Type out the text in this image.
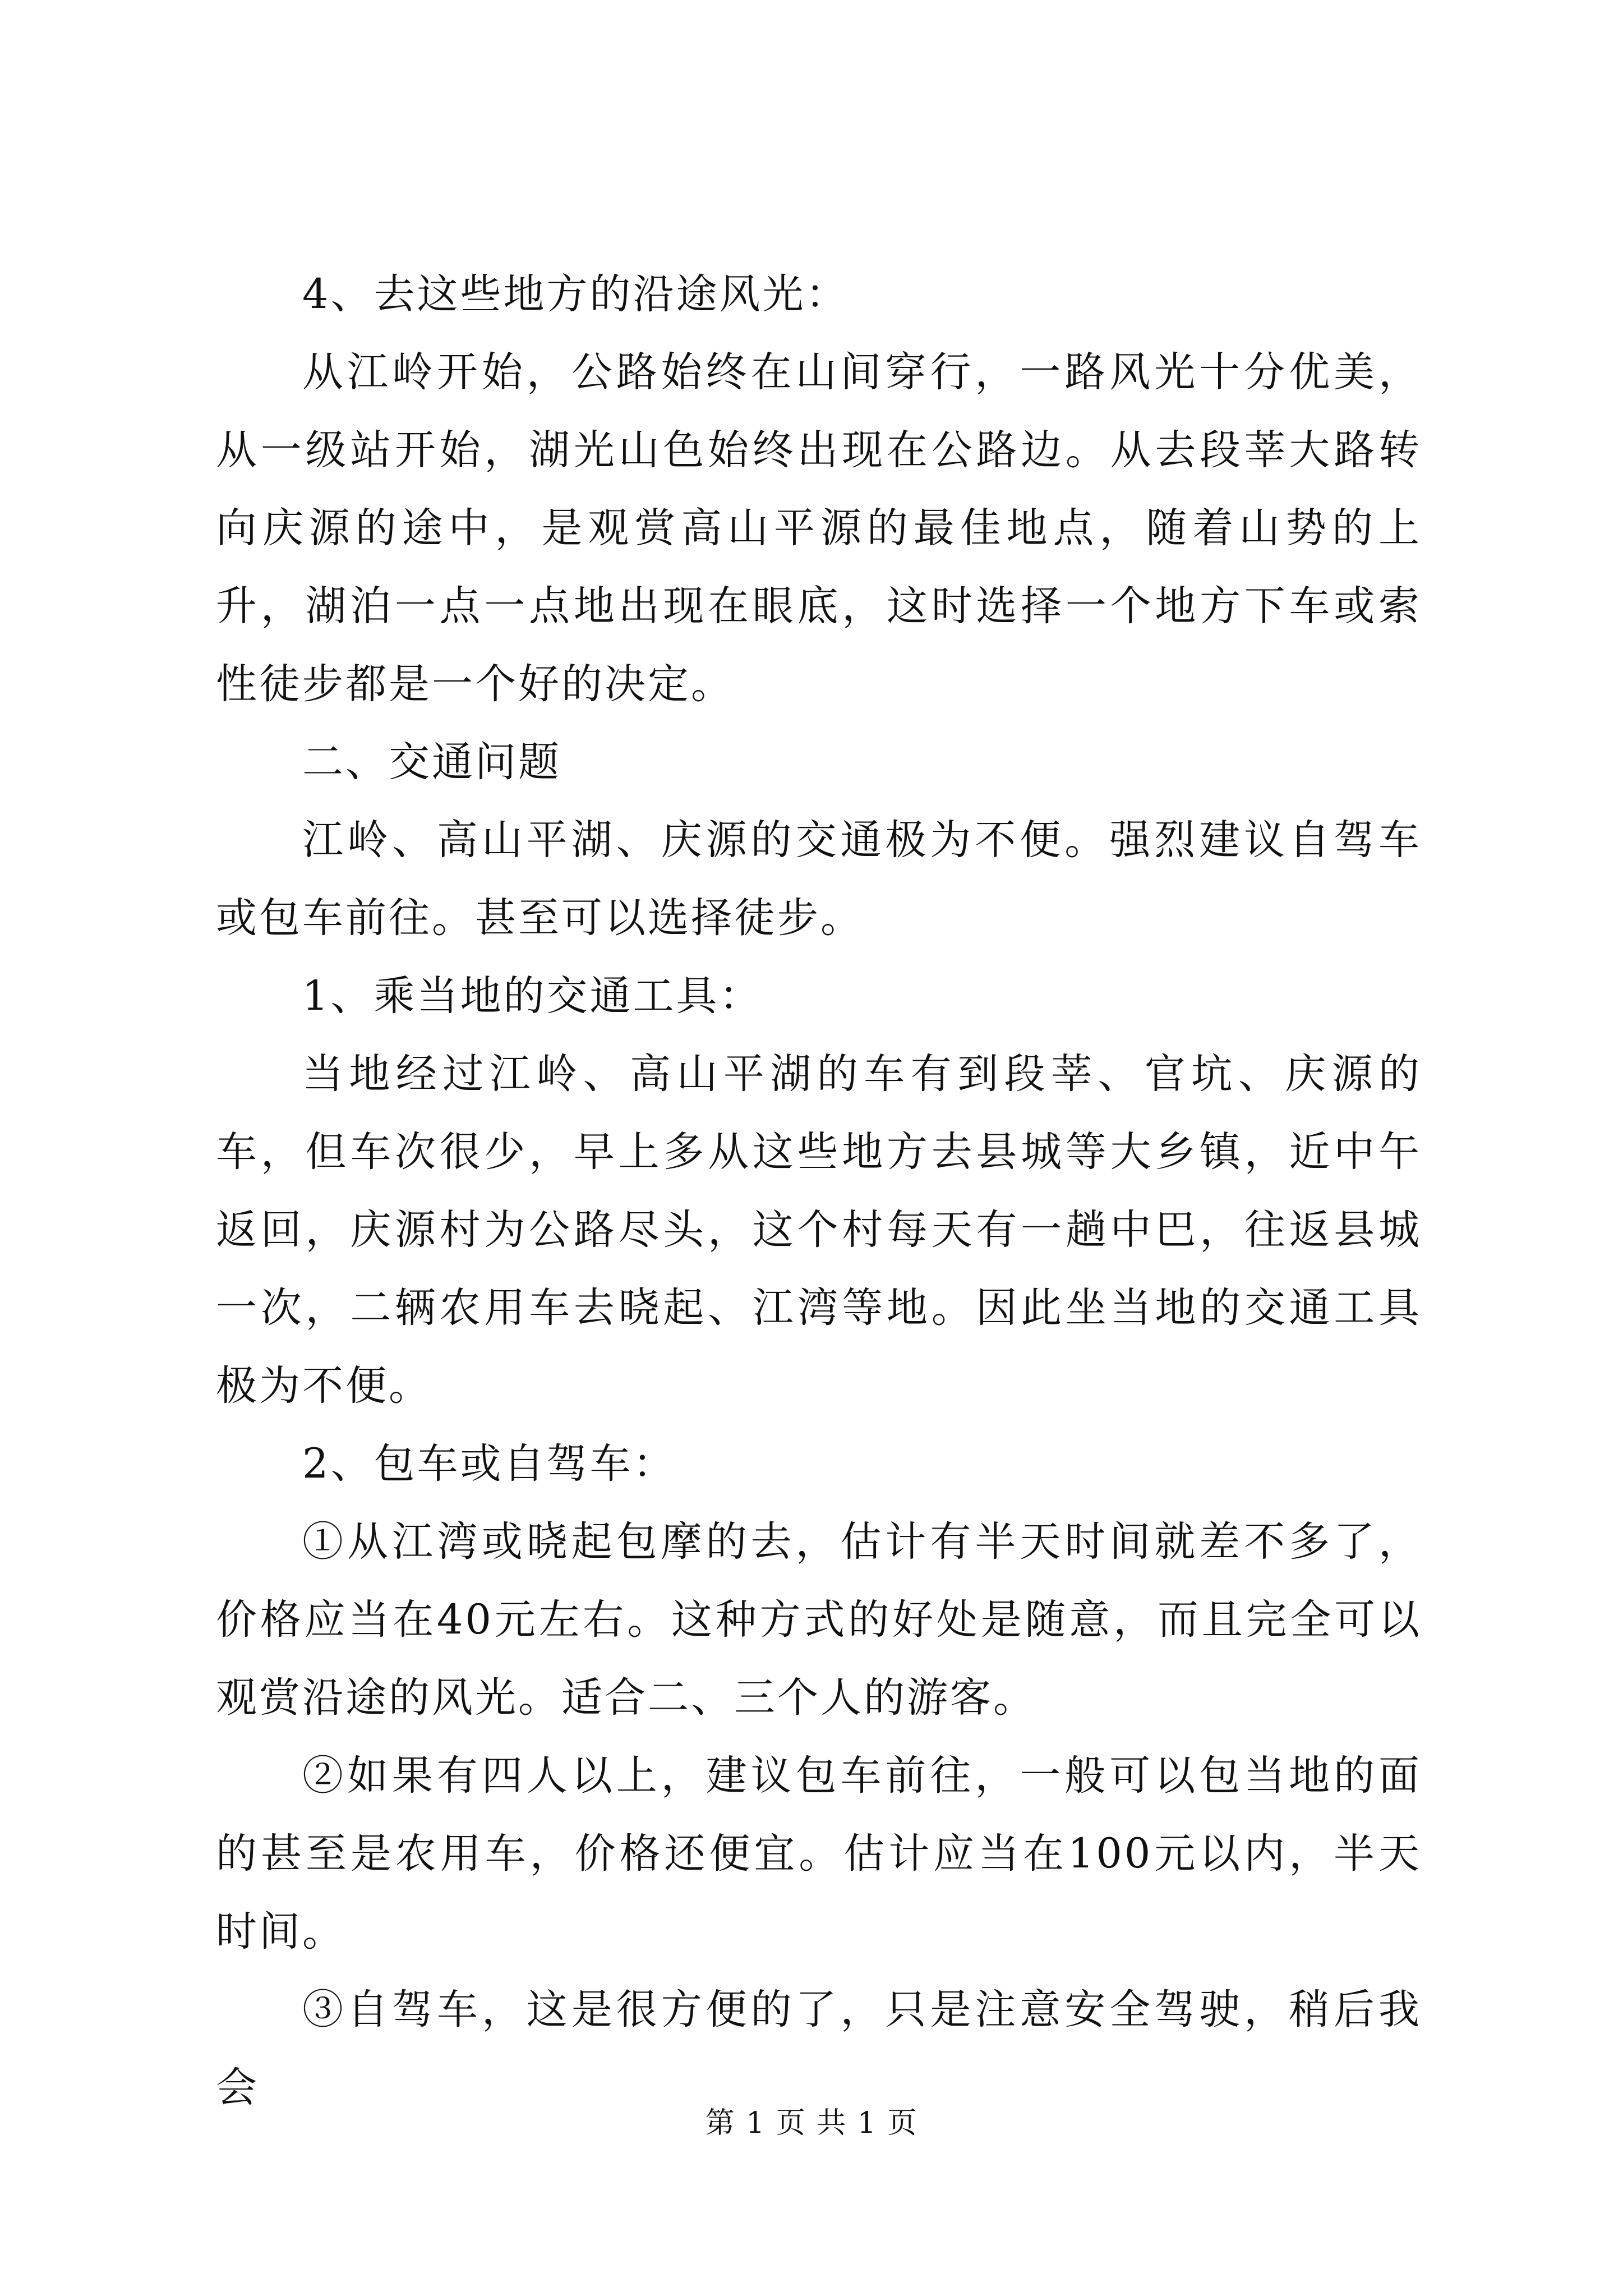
4、去这些地方的沿途风光：

从江岭开始，公路始终在山间穿行，一路风光十分优美，从一级站开始，湖光山色始终出现在公路边。从去段莘大路转向庆源的途中，是观赏高山平源的最佳地点，随着山势的上升，湖泊一点一点地出现在眼底，这时选择一个地方下车或索性徒步都是一个好的决定。

二、交通问题

江岭、高山平湖、庆源的交通极为不便。强烈建议自驾车或包车前往。甚至可以选择徒步。

1、乘当地的交通工具：

当地经过江岭、高山平湖的车有到段莘、官坑、庆源的车，但车次很少，早上多从这些地方去县城等大乡镇，近中午返回，庆源村为公路尽头，这个村每天有一趟中巴，往返县城一次，二辆农用车去晓起、江湾等地。因此坐当地的交通工具极为不便。

2、包车或自驾车：

①从江湾或晓起包摩的去，估计有半天时间就差不多了，价格应当在40元左右。这种方式的好处是随意，而且完全可以观赏沿途的风光。适合二、三个人的游客。

②如果有四人以上，建议包车前往，一般可以包当地的面的甚至是农用车，价格还便宜。估计应当在100元以内，半天时间。

③自驾车，这是很方便的了，只是注意安全驾驶，稍后我会

第 1 页 共 1 页
